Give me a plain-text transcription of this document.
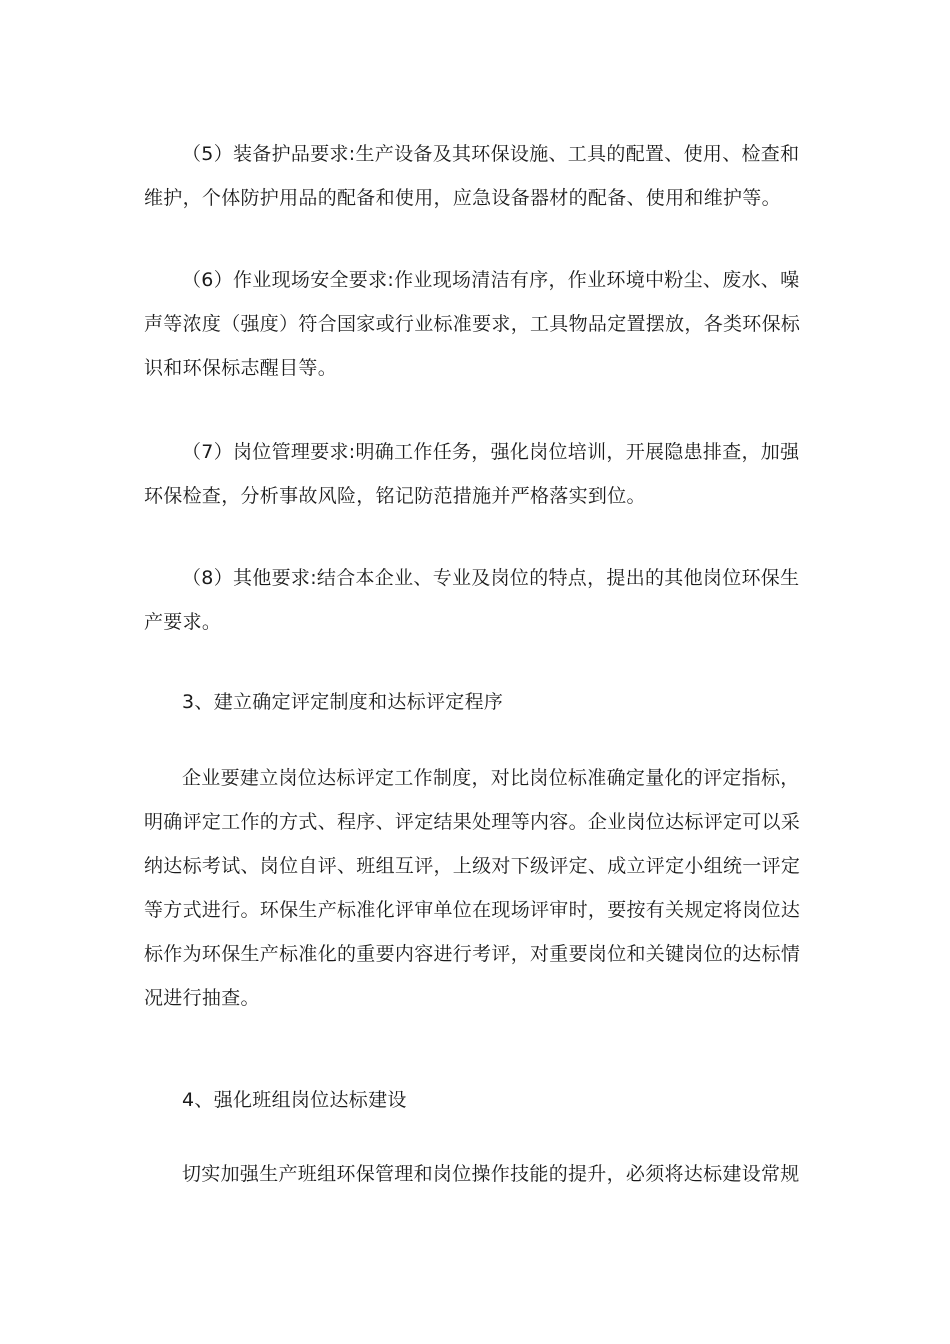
（5）装备护品要求:生产设备及其环保设施、工具的配置、使用、检查和
维护，个体防护用品的配备和使用，应急设备器材的配备、使用和维护等。
（6）作业现场安全要求:作业现场清洁有序，作业环境中粉尘、废水、噪
声等浓度（强度）符合国家或行业标准要求，工具物品定置摆放，各类环保标
识和环保标志醒目等。
（7）岗位管理要求:明确工作任务，强化岗位培训，开展隐患排查，加强
环保检查，分析事故风险，铭记防范措施并严格落实到位。
（8）其他要求:结合本企业、专业及岗位的特点，提出的其他岗位环保生
产要求。
3、建立确定评定制度和达标评定程序
企业要建立岗位达标评定工作制度，对比岗位标准确定量化的评定指标，
明确评定工作的方式、程序、评定结果处理等内容。企业岗位达标评定可以采
纳达标考试、岗位自评、班组互评，上级对下级评定、成立评定小组统一评定
等方式进行。环保生产标准化评审单位在现场评审时，要按有关规定将岗位达
标作为环保生产标准化的重要内容进行考评，对重要岗位和关键岗位的达标情
况进行抽查。
4、强化班组岗位达标建设
切实加强生产班组环保管理和岗位操作技能的提升，必须将达标建设常规
